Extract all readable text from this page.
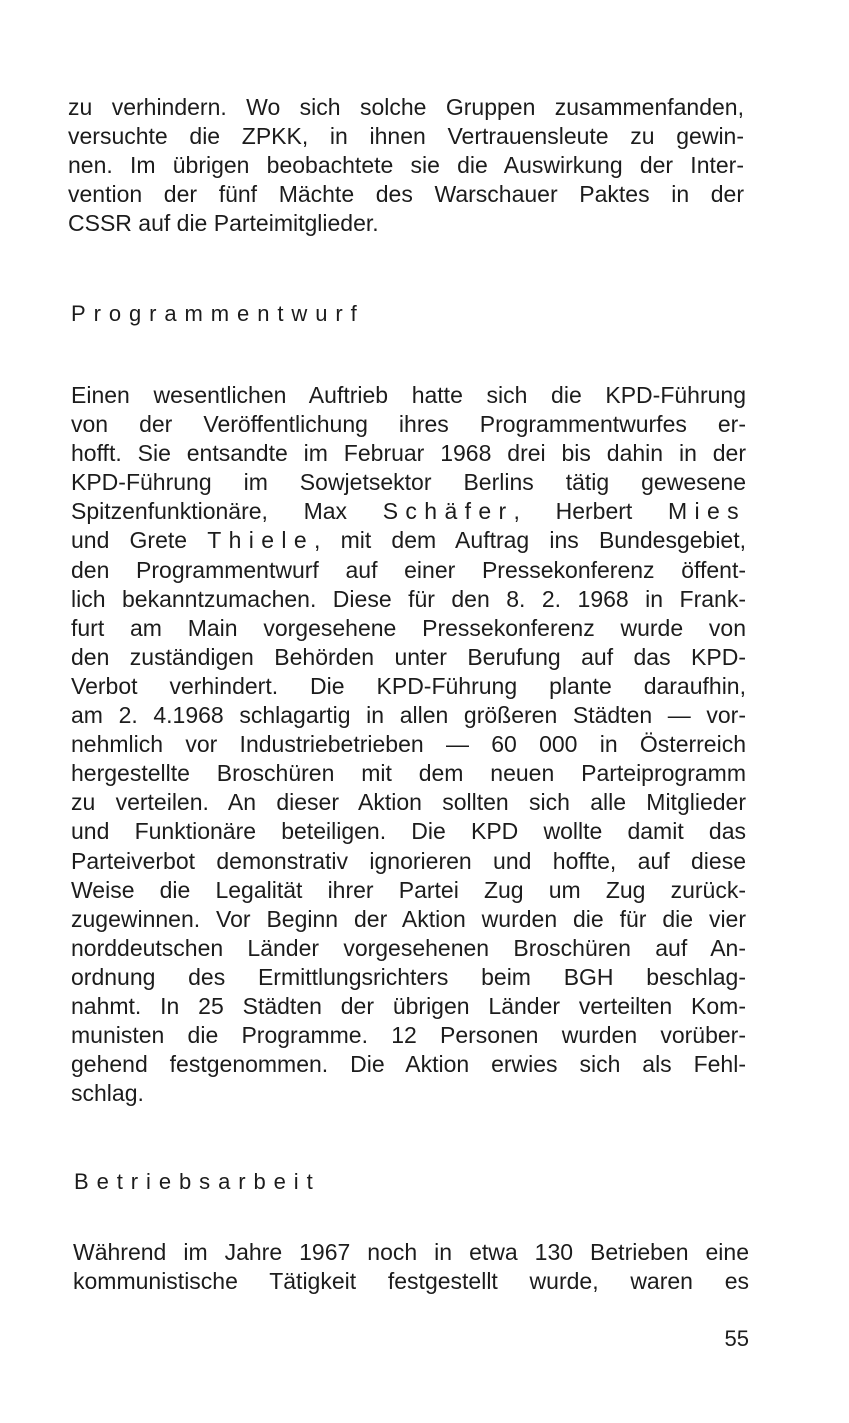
zu verhindern. Wo sich solche Gruppen zusammenfanden,
versuchte die ZPKK, in ihnen Vertrauensleute zu gewin-
nen. Im übrigen beobachtete sie die Auswirkung der Inter-
vention der fünf Mächte des Warschauer Paktes in der
CSSR auf die Parteimitglieder.

Programmentwurf

Einen wesentlichen Auftrieb hatte sich die KPD-Führung
von der Veröffentlichung ihres Programmentwurfes er-
hofft. Sie entsandte im Februar 1968 drei bis dahin in der
KPD-Führung im Sowjetsektor Berlins tätig gewesene
Spitzenfunktionäre, Max Schäfer, Herbert Mies
und Grete Thiele, mit dem Auftrag ins Bundesgebiet,
den Programmentwurf auf einer Pressekonferenz öffent-
lich bekanntzumachen. Diese für den 8. 2. 1968 in Frank-
furt am Main vorgesehene Pressekonferenz wurde von
den zuständigen Behörden unter Berufung auf das KPD-
Verbot verhindert. Die KPD-Führung plante daraufhin,
am 2. 4.1968 schlagartig in allen größeren Städten — vor-
nehmlich vor Industriebetrieben — 60 000 in Österreich
hergestellte Broschüren mit dem neuen Parteiprogramm
zu verteilen. An dieser Aktion sollten sich alle Mitglieder
und Funktionäre beteiligen. Die KPD wollte damit das
Parteiverbot demonstrativ ignorieren und hoffte, auf diese
Weise die Legalität ihrer Partei Zug um Zug zurück-
zugewinnen. Vor Beginn der Aktion wurden die für die vier
norddeutschen Länder vorgesehenen Broschüren auf An-
ordnung des Ermittlungsrichters beim BGH beschlag-
nahmt. In 25 Städten der übrigen Länder verteilten Kom-
munisten die Programme. 12 Personen wurden vorüber-
gehend festgenommen. Die Aktion erwies sich als Fehl-
schlag.

Betriebsarbeit

Während im Jahre 1967 noch in etwa 130 Betrieben eine
kommunistische Tätigkeit festgestellt wurde, waren es

55
